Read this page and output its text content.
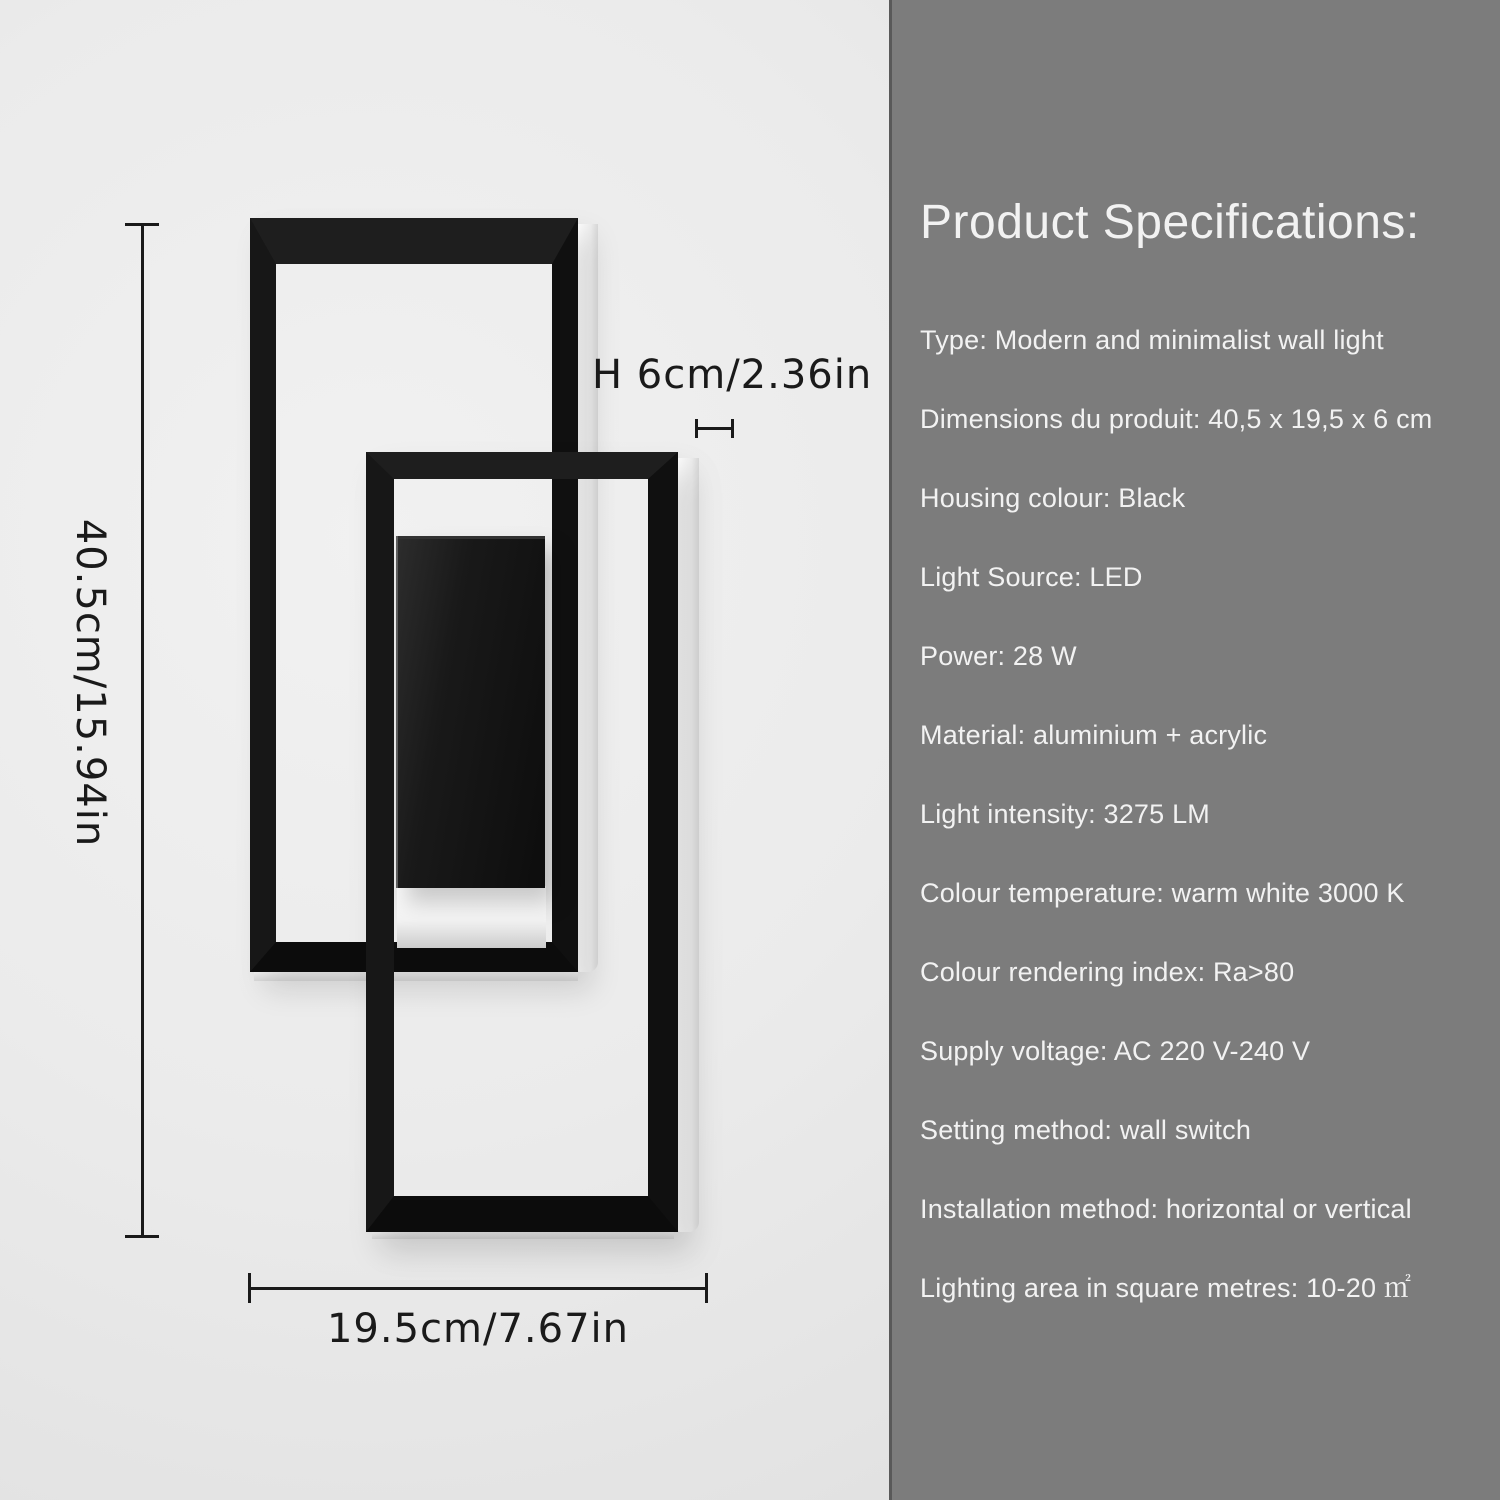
40.5cm/15.94in
19.5cm/7.67in
H 6cm/2.36in
Product Specifications:
Type: Modern and minimalist wall light
Dimensions du produit: 40,5 x 19,5 x 6 cm
Housing colour: Black
Light Source: LED
Power: 28 W
Material: aluminium + acrylic
Light intensity: 3275 LM
Colour temperature: warm white 3000 K
Colour rendering index: Ra>80
Supply voltage: AC 220 V-240 V
Setting method: wall switch
Installation method: horizontal or vertical
Lighting area in square metres: 10-20 ㎡
